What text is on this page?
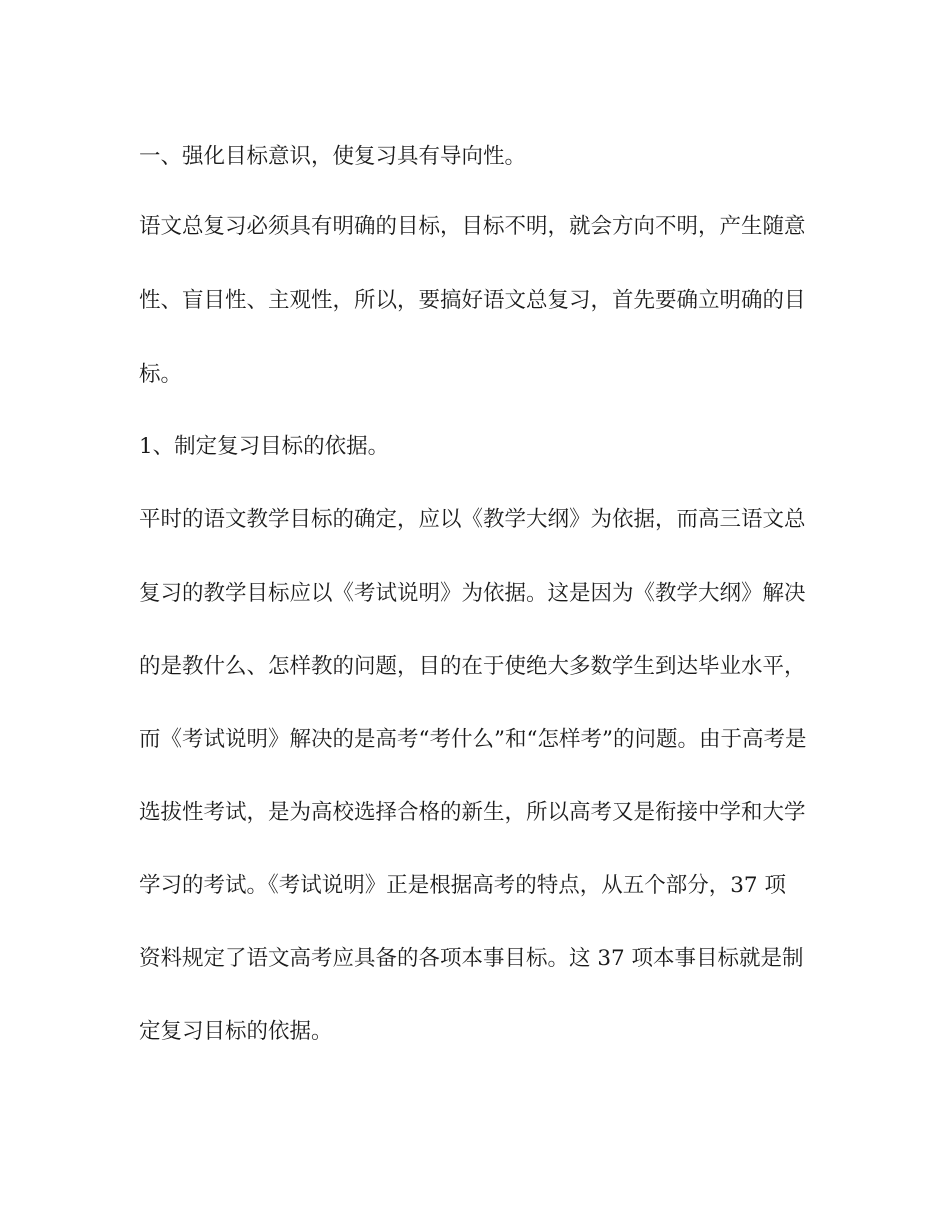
一、强化目标意识，使复习具有导向性。
语文总复习必须具有明确的目标，目标不明，就会方向不明，产生随意
性、盲目性、主观性，所以，要搞好语文总复习，首先要确立明确的目
标。
1、制定复习目标的依据。
平时的语文教学目标的确定，应以《教学大纲》为依据，而高三语文总
复习的教学目标应以《考试说明》为依据。这是因为《教学大纲》解决
的是教什么、怎样教的问题，目的在于使绝大多数学生到达毕业水平，
而《考试说明》解决的是高考“考什么”和“怎样考”的问题。由于高考是
选拔性考试，是为高校选择合格的新生，所以高考又是衔接中学和大学
学习的考试。《考试说明》正是根据高考的特点，从五个部分，37 项
资料规定了语文高考应具备的各项本事目标。这 37 项本事目标就是制
定复习目标的依据。
